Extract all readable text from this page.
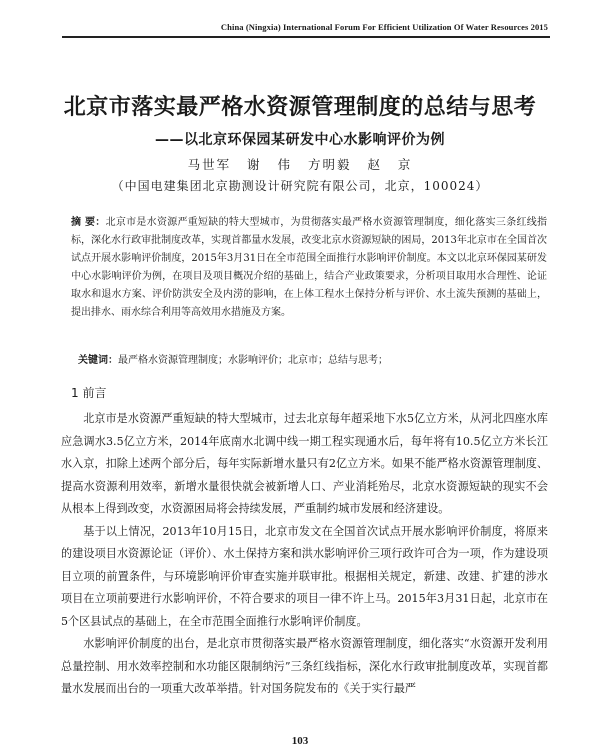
China (Ningxia) International Forum For Efficient Utilization Of Water Resources 2015
北京市落实最严格水资源管理制度的总结与思考
——以北京环保园某研发中心水影响评价为例
马世军 谢 伟 方明毅 赵 京
（中国电建集团北京勘测设计研究院有限公司，北京，100024）
摘 要：北京市是水资源严重短缺的特大型城市，为贯彻落实最严格水资源管理制度，细化落实三条红线指标，深化水行政审批制度改革，实现首都量水发展，改变北京水资源短缺的困局，2013年北京市在全国首次试点开展水影响评价制度，2015年3月31日在全市范围全面推行水影响评价制度。本文以北京环保园某研发中心水影响评价为例，在项目及项目概况介绍的基础上，结合产业政策要求，分析项目取用水合理性、论证取水和退水方案、评价防洪安全及内涝的影响，在上体工程水土保持分析与评价、水土流失预测的基础上，提出排水、雨水综合利用等高效用水措施及方案。
关键词：最严格水资源管理制度；水影响评价；北京市；总结与思考；
1 前言

北京市是水资源严重短缺的特大型城市，过去北京每年超采地下水5亿立方米，从河北四座水库应急调水3.5亿立方米，2014年底南水北调中线一期工程实现通水后，每年将有10.5亿立方米长江水入京，扣除上述两个部分后，每年实际新增水量只有2亿立方米。如果不能严格水资源管理制度、提高水资源利用效率，新增水量很快就会被新增人口、产业消耗殆尽，北京水资源短缺的现实不会从根本上得到改变，水资源困局将会持续发展，严重制约城市发展和经济建设。

基于以上情况，2013年10月15日，北京市发文在全国首次试点开展水影响评价制度，将原来的建设项目水资源论证（评价）、水土保持方案和洪水影响评价三项行政许可合为一项，作为建设项目立项的前置条件，与环境影响评价审查实施并联审批。根据相关规定，新建、改建、扩建的涉水项目在立项前要进行水影响评价，不符合要求的项目一律不许上马。2015年3月31日起，北京市在5个区县试点的基础上，在全市范围全面推行水影响评价制度。

水影响评价制度的出台，是北京市贯彻落实最严格水资源管理制度，细化落实“水资源开发利用总量控制、用水效率控制和水功能区限制纳污”三条红线指标，深化水行政审批制度改革，实现首都量水发展而出台的一项重大改革举措。针对国务院发布的《关于实行最严

103
